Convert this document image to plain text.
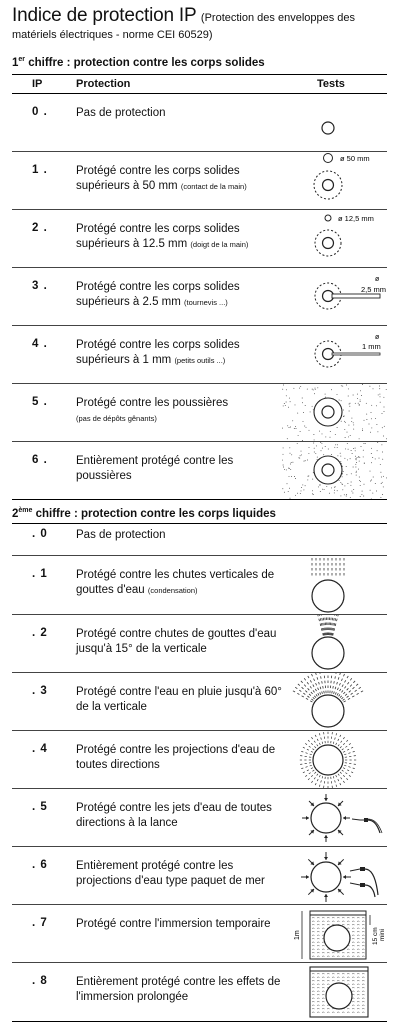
Indice de protection IP (Protection des enveloppes des matériels électriques - norme CEI 60529)
1er chiffre : protection contre les corps solides
IP	Protection	Tests
0 . Pas de protection
1 . Protégé contre les corps solides supérieurs à 50 mm (contact de la main)
ø 50 mm
2 . Protégé contre les corps solides supérieurs à 12.5 mm (doigt de la main)
ø 12,5 mm
3 . Protégé contre les corps solides supérieurs à 2.5 mm (tournevis ...)
ø
2,5 mm
4 . Protégé contre les corps solides supérieurs à 1 mm (petits outils ...)
ø
1 mm
5 . Protégé contre les poussières
(pas de dépôts gênants)
6 . Entièrement protégé contre les poussières
2ème chiffre : protection contre les corps liquides
. 0 Pas de protection
. 1 Protégé contre les chutes verticales de gouttes d'eau (condensation)
. 2 Protégé contre chutes de gouttes d'eau jusqu'à 15° de la verticale
. 3 Protégé contre l'eau en pluie jusqu'à 60° de la verticale
. 4 Protégé contre les projections d'eau de toutes directions
. 5 Protégé contre les jets d'eau de toutes directions à la lance
. 6 Entièrement protégé contre les projections d'eau type paquet de mer
. 7 Protégé contre l'immersion temporaire
1m	15 cm mini
. 8 Entièrement protégé contre les effets de l'immersion prolongée
